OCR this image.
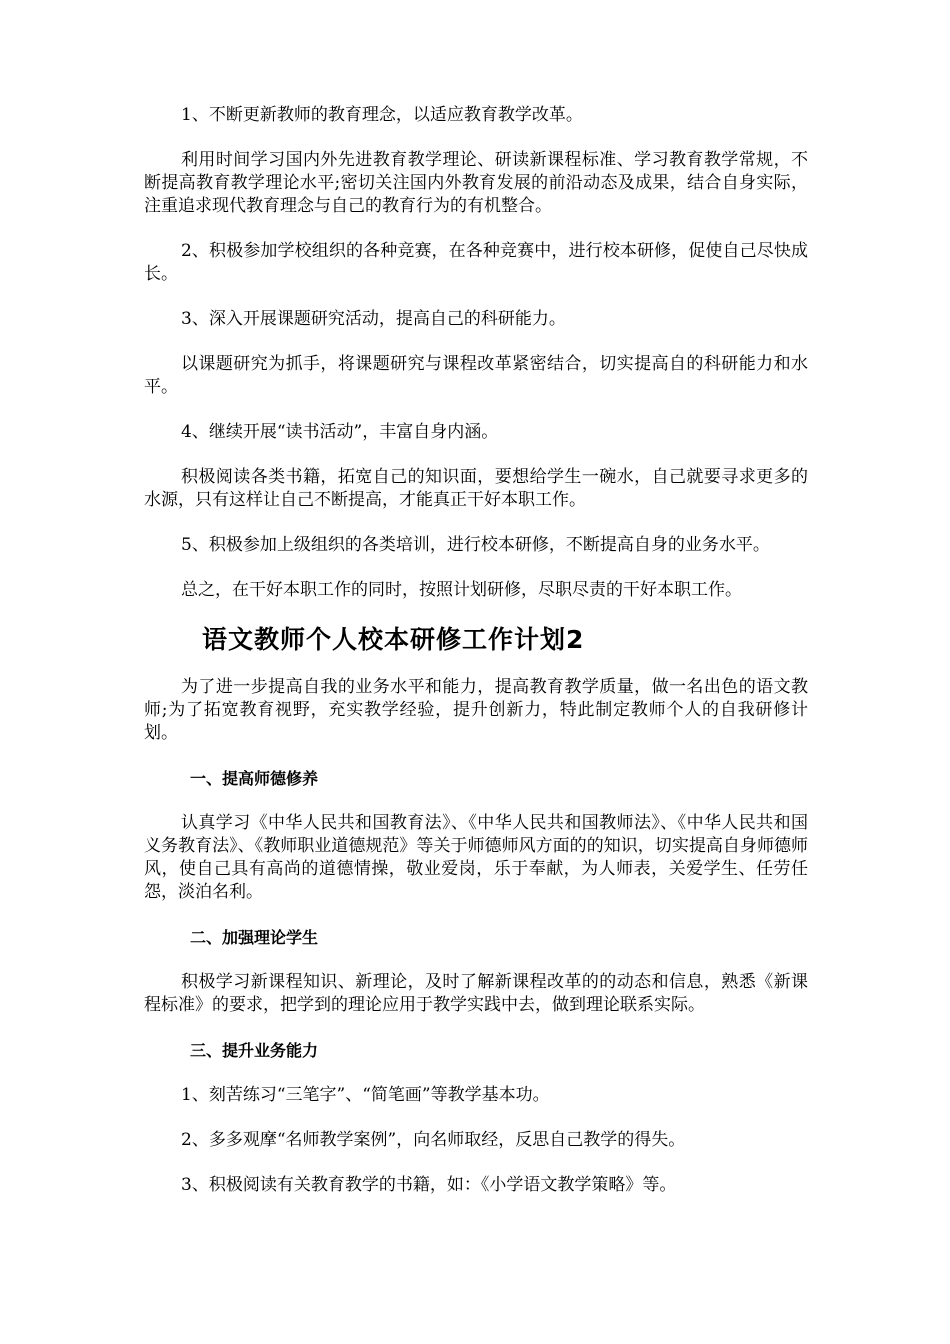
1、不断更新教师的教育理念，以适应教育教学改革。

利用时间学习国内外先进教育教学理论、研读新课程标准、学习教育教学常规，不断提高教育教学理论水平;密切关注国内外教育发展的前沿动态及成果，结合自身实际，注重追求现代教育理念与自己的教育行为的有机整合。

2、积极参加学校组织的各种竞赛，在各种竞赛中，进行校本研修，促使自己尽快成长。

3、深入开展课题研究活动，提高自己的科研能力。

以课题研究为抓手，将课题研究与课程改革紧密结合，切实提高自的科研能力和水平。

4、继续开展“读书活动”，丰富自身内涵。

积极阅读各类书籍，拓宽自己的知识面，要想给学生一碗水，自己就要寻求更多的水源，只有这样让自己不断提高，才能真正干好本职工作。

5、积极参加上级组织的各类培训，进行校本研修，不断提高自身的业务水平。

总之，在干好本职工作的同时，按照计划研修，尽职尽责的干好本职工作。

语文教师个人校本研修工作计划2

为了进一步提高自我的业务水平和能力，提高教育教学质量，做一名出色的语文教师;为了拓宽教育视野，充实教学经验，提升创新力，特此制定教师个人的自我研修计划。

一、提高师德修养

认真学习《中华人民共和国教育法》、《中华人民共和国教师法》、《中华人民共和国义务教育法》、《教师职业道德规范》等关于师德师风方面的的知识，切实提高自身师德师风，使自己具有高尚的道德情操，敬业爱岗，乐于奉献，为人师表，关爱学生、任劳任怨，淡泊名利。

二、加强理论学生

积极学习新课程知识、新理论，及时了解新课程改革的的动态和信息，熟悉《新课程标准》的要求，把学到的理论应用于教学实践中去，做到理论联系实际。

三、提升业务能力

1、刻苦练习“三笔字”、“简笔画”等教学基本功。

2、多多观摩“名师教学案例”，向名师取经，反思自己教学的得失。

3、积极阅读有关教育教学的书籍，如：《小学语文教学策略》等。
